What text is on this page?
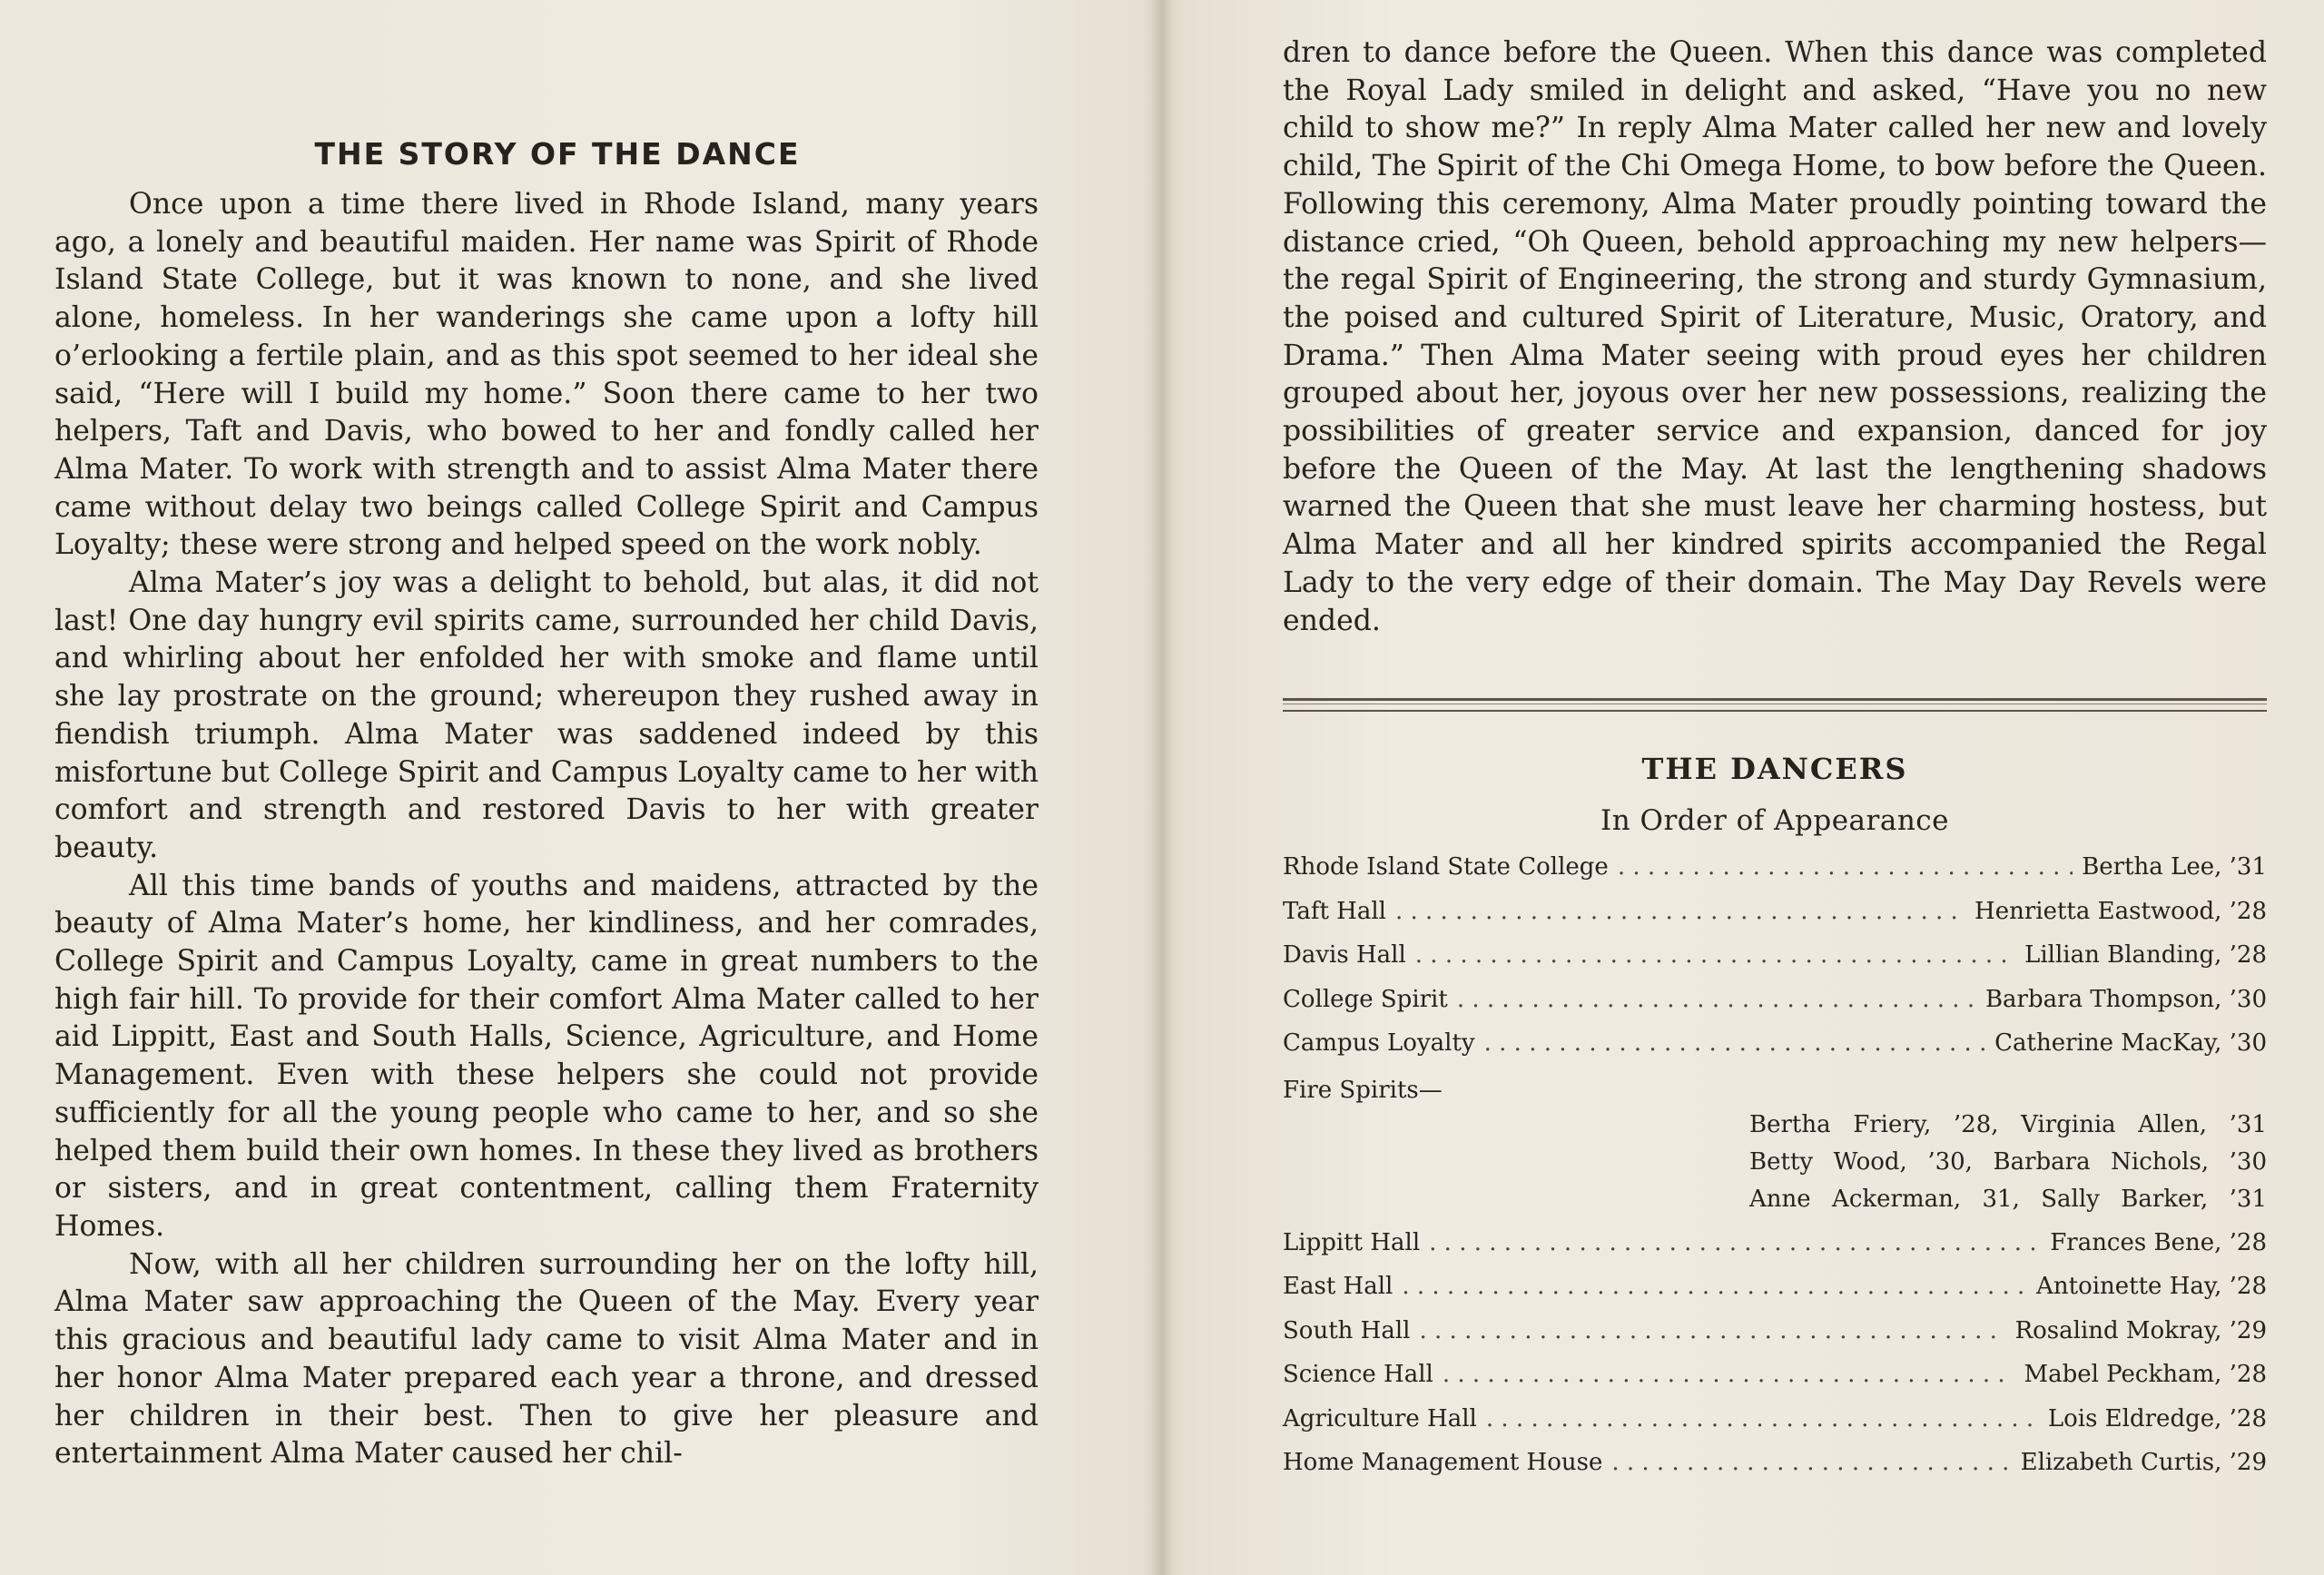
THE STORY OF THE DANCE

Once upon a time there lived in Rhode Island, many years ago, a lonely and beautiful maiden. Her name was Spirit of Rhode Island State College, but it was known to none, and she lived alone, homeless. In her wanderings she came upon a lofty hill o’erlooking a fertile plain, and as this spot seemed to her ideal she said, “Here will I build my home.” Soon there came to her two helpers, Taft and Davis, who bowed to her and fondly called her Alma Mater. To work with strength and to assist Alma Mater there came without delay two beings called College Spirit and Campus Loyalty; these were strong and helped speed on the work nobly.

Alma Mater’s joy was a delight to behold, but alas, it did not last! One day hungry evil spirits came, surrounded her child Davis, and whirling about her enfolded her with smoke and flame until she lay prostrate on the ground; whereupon they rushed away in fiendish triumph. Alma Mater was saddened indeed by this misfortune but College Spirit and Campus Loyalty came to her with comfort and strength and restored Davis to her with greater beauty.

All this time bands of youths and maidens, attracted by the beauty of Alma Mater’s home, her kindliness, and her comrades, College Spirit and Campus Loyalty, came in great numbers to the high fair hill. To provide for their comfort Alma Mater called to her aid Lippitt, East and South Halls, Science, Agriculture, and Home Management. Even with these helpers she could not provide sufficiently for all the young people who came to her, and so she helped them build their own homes. In these they lived as brothers or sisters, and in great contentment, calling them Fraternity Homes.

Now, with all her children surrounding her on the lofty hill, Alma Mater saw approaching the Queen of the May. Every year this gracious and beautiful lady came to visit Alma Mater and in her honor Alma Mater prepared each year a throne, and dressed her children in their best. Then to give her pleasure and entertainment Alma Mater caused her chil-

dren to dance before the Queen. When this dance was completed the Royal Lady smiled in delight and asked, “Have you no new child to show me?” In reply Alma Mater called her new and lovely child, The Spirit of the Chi Omega Home, to bow before the Queen. Following this ceremony, Alma Mater proudly pointing toward the distance cried, “Oh Queen, behold approaching my new helpers—the regal Spirit of Engineering, the strong and sturdy Gymnasium, the poised and cultured Spirit of Literature, Music, Oratory, and Drama.” Then Alma Mater seeing with proud eyes her children grouped about her, joyous over her new possessions, realizing the possibilities of greater service and expansion, danced for joy before the Queen of the May. At last the lengthening shadows warned the Queen that she must leave her charming hostess, but Alma Mater and all her kindred spirits accompanied the Regal Lady to the very edge of their domain. The May Day Revels were ended.

THE DANCERS
In Order of Appearance
Rhode Island State College . . .	Bertha Lee, ’31
Taft Hall . . .	Henrietta Eastwood, ’28
Davis Hall . . .	Lillian Blanding, ’28
College Spirit . . .	Barbara Thompson, ’30
Campus Loyalty . . .	Catherine MacKay, ’30
Fire Spirits—
Bertha Friery, ’28, Virginia Allen, ’31
Betty Wood, ’30, Barbara Nichols, ’30
Anne Ackerman, 31, Sally Barker, ’31
Lippitt Hall . . .	Frances Bene, ’28
East Hall . . .	Antoinette Hay, ’28
South Hall . . .	Rosalind Mokray, ’29
Science Hall . . .	Mabel Peckham, ’28
Agriculture Hall . . .	Lois Eldredge, ’28
Home Management House . . .	Elizabeth Curtis, ’29
